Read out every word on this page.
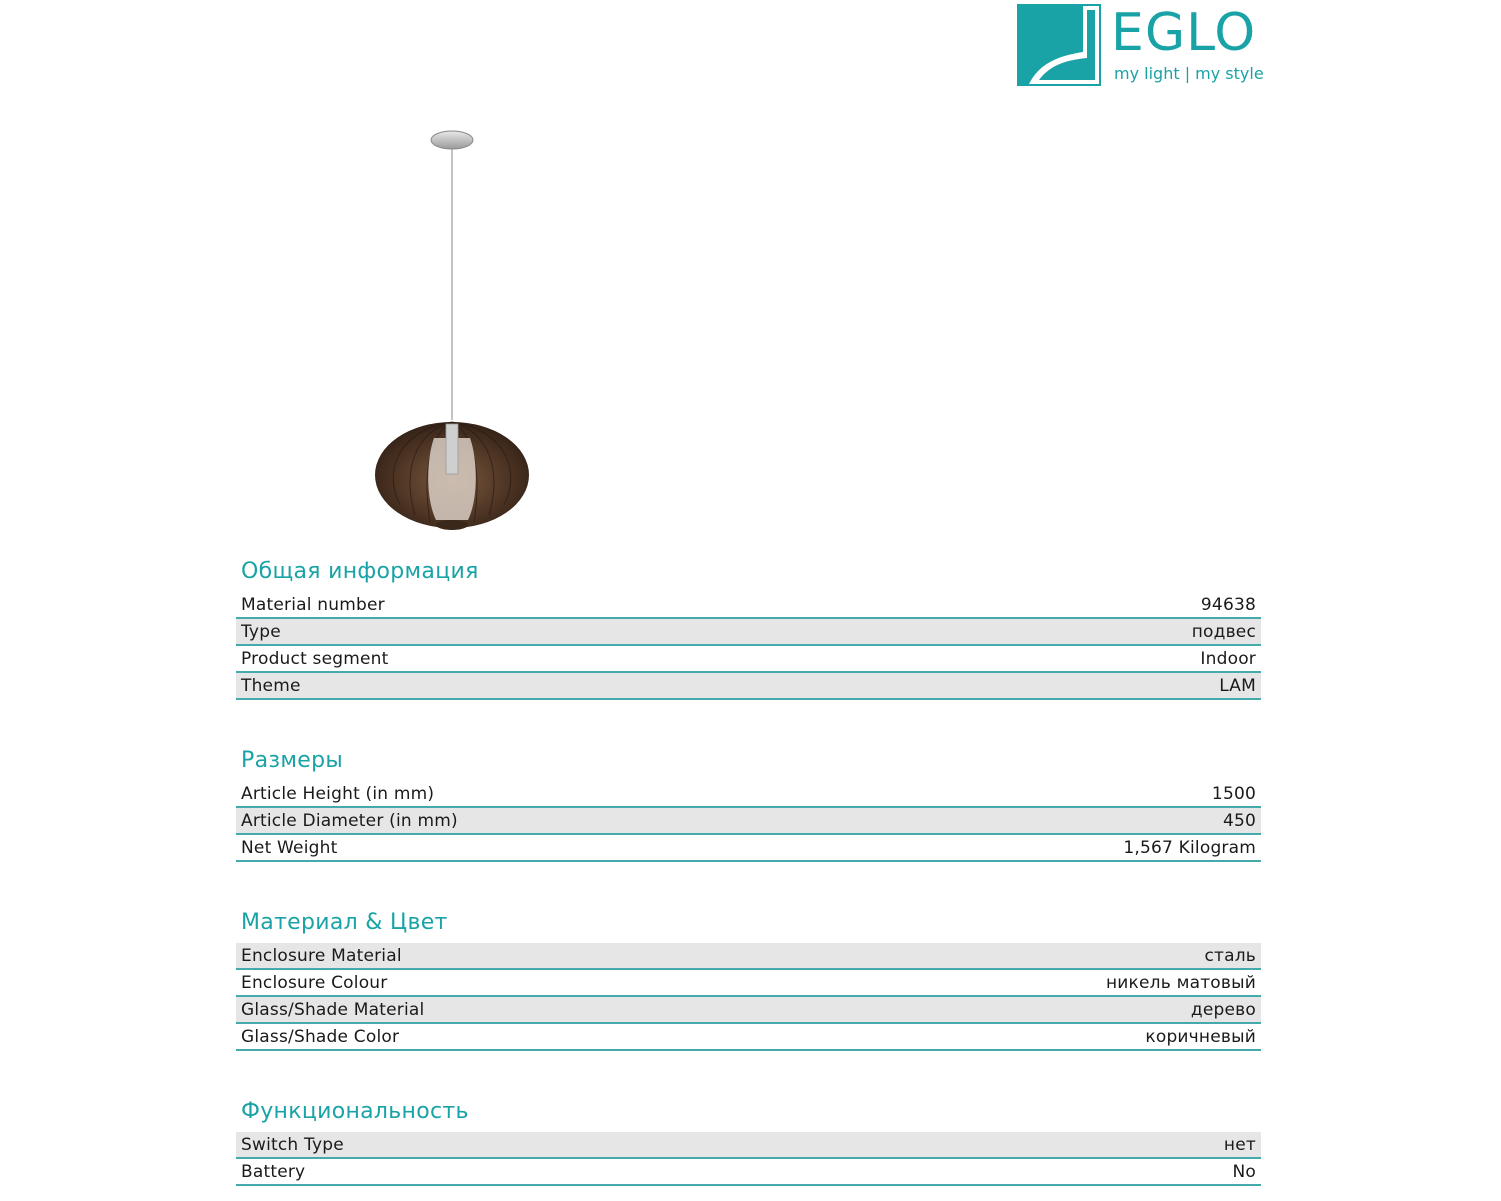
EGLO
my light | my style
Общая информация
Material number	94638
Type	подвес
Product segment	Indoor
Theme	LAM
Размеры
Article Height (in mm)	1500
Article Diameter (in mm)	450
Net Weight	1,567 Kilogram
Материал & Цвет
Enclosure Material	сталь
Enclosure Colour	никель матовый
Glass/Shade Material	дерево
Glass/Shade Color	коричневый
Функциональность
Switch Type	нет
Battery	No
